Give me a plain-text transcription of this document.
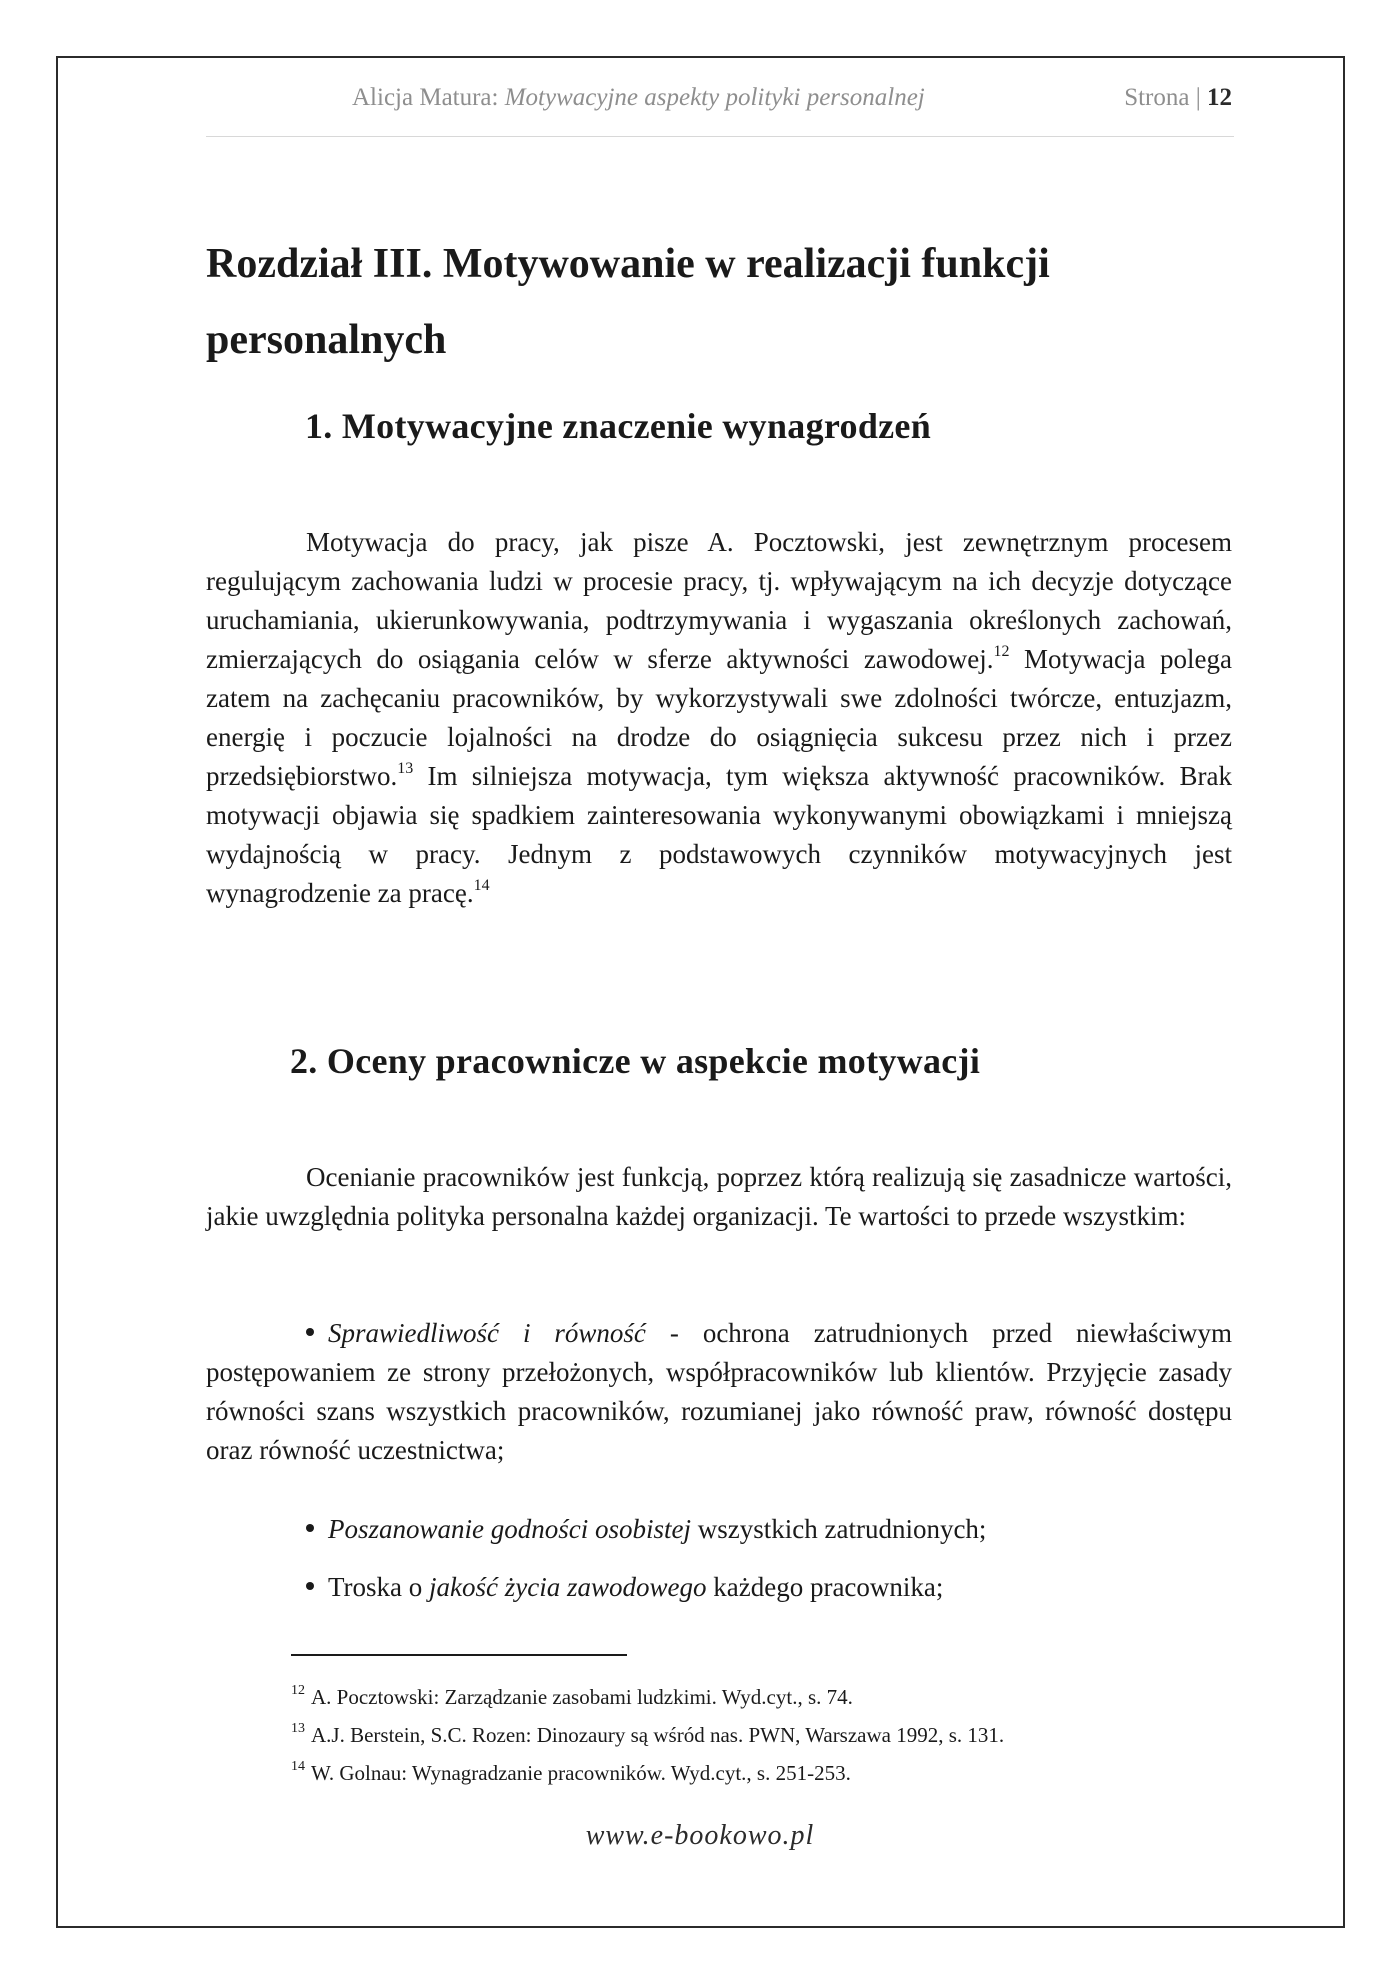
Alicja Matura: Motywacyjne aspekty polityki personalnej	Strona | 12
Rozdział III. Motywowanie w realizacji funkcji personalnych
1. Motywacyjne znaczenie wynagrodzeń

Motywacja do pracy, jak pisze A. Pocztowski, jest zewnętrznym procesem regulującym zachowania ludzi w procesie pracy, tj. wpływającym na ich decyzje dotyczące uruchamiania, ukierunkowywania, podtrzymywania i wygaszania określonych zachowań, zmierzających do osiągania celów w sferze aktywności zawodowej.$^{12}$ Motywacja polega zatem na zachęcaniu pracowników, by wykorzystywali swe zdolności twórcze, entuzjazm, energię i poczucie lojalności na drodze do osiągnięcia sukcesu przez nich i przez przedsiębiorstwo.$^{13}$ Im silniejsza motywacja, tym większa aktywność pracowników. Brak motywacji objawia się spadkiem zainteresowania wykonywanymi obowiązkami i mniejszą wydajnością w pracy. Jednym z podstawowych czynników motywacyjnych jest wynagrodzenie za pracę.$^{14}$

2. Oceny pracownicze w aspekcie motywacji

Ocenianie pracowników jest funkcją, poprzez którą realizują się zasadnicze wartości, jakie uwzględnia polityka personalna każdej organizacji. Te wartości to przede wszystkim:

Sprawiedliwość i równość - ochrona zatrudnionych przed niewłaściwym postępowaniem ze strony przełożonych, współpracowników lub klientów. Przyjęcie zasady równości szans wszystkich pracowników, rozumianej jako równość praw, równość dostępu oraz równość uczestnictwa;

Poszanowanie godności osobistej wszystkich zatrudnionych;

Troska o jakość życia zawodowego każdego pracownika;

$^{12}$ A. Pocztowski: Zarządzanie zasobami ludzkimi. Wyd.cyt., s. 74.
$^{13}$ A.J. Berstein, S.C. Rozen: Dinozaury są wśród nas. PWN, Warszawa 1992, s. 131.
$^{14}$ W. Golnau: Wynagradzanie pracowników. Wyd.cyt., s. 251-253.
www.e-bookowo.pl
